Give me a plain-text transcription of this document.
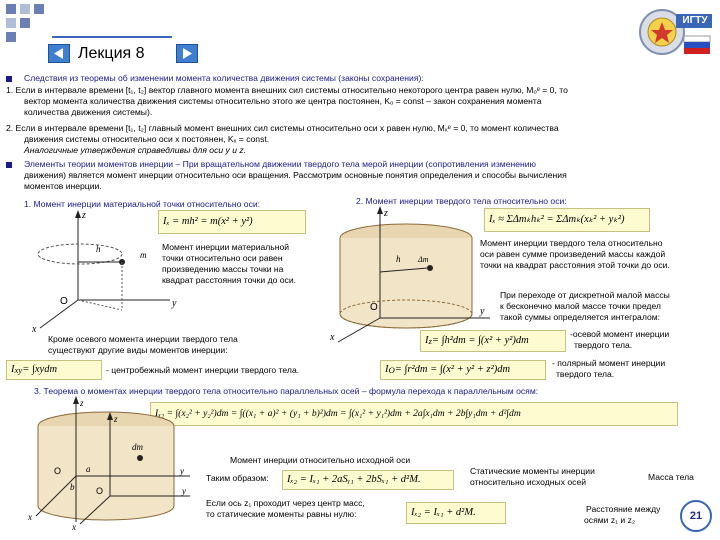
Лекция 8
ИГТУ
Следствия из теоремы об изменении момента количества движения системы (законы сохранения):
1. Если в интервале времени [t₁, t₂] вектор главного момента внешних сил системы относительно некоторого центра равен нулю, Mₒᵉ = 0, то
вектор момента количества движения системы относительно этого же центра постоянен, Kₒ = const – закон сохранения момента
количества движения системы).
2. Если в интервале времени [t₁, t₂] главный момент внешних сил системы относительно оси x равен нулю, Mₓᵉ = 0, то момент количества
движения системы относительно оси x постоянен, Kₓ = const.
Аналогичные утверждения справедливы для оси y и z.
Элементы теории моментов инерции – При вращательном движении твердого тела мерой инерции (сопротивления изменению
движения) является момент инерции относительно оси вращения. Рассмотрим основные понятия определения и способы вычисления
моментов инерции.
1. Момент инерции материальной точки относительно оси:	2. Момент инерции твердого тела относительно оси:
Iₓ = mh² = m(x² + y²)
h
m
O
x
y
z
Момент инерции материальной
точки относительно оси равен
произведению массы точки на
квадрат расстояния точки до оси.
Кроме осевого момента инерции твердого тела
существуют другие виды моментов инерции:
I xy = ∫xydm	- центробежный момент инерции твердого тела.
Iₓ ≈ ΣΔmₖhₖ² = ΣΔmₖ(xₖ² + yₖ²)
h Δm
O
z
y
x
Момент инерции твердого тела относительно
оси равен сумме произведений массы каждой
точки на квадрат расстояния этой точки до оси.
При переходе от дискретной малой массы
к бесконечно малой массе точки предел
такой суммы определяется интегралом:
I z = ∫h²dm = ∫(x² + y²)dm
-осевой момент инерции
твердого тела.
I O = ∫r²dm = ∫(x² + y² + z²)dm
- полярный момент инерции
твердого тела.
3. Теорема о моментах инерции твердого тела относительно параллельных осей – формула перехода к параллельным осям:
Iₓ₂ = ∫(x₂² + y₂²)dm = ∫((x₁ + a)² + (y₁ + b)²)dm = ∫(x₁² + y₁²)dm + 2a∫x₁dm + 2b∫y₁dm + d²∫dm
z
z
dm
O
O
b
a	y
y
x
x
Момент инерции относительно исходной оси
Таким образом:	Iₓ₂ = Iₓ₁ + 2aSᵧ₁ + 2bSₓ₁ + d²M.
Статические моменты инерции
относительно исходных осей	Масса тела
Если ось z₁ проходит через центр масс,
то статические моменты равны нулю:	Iₓ₂ = Iₓ₁ + d²M.	Расстояние между
осями z₁ и z₂	21
